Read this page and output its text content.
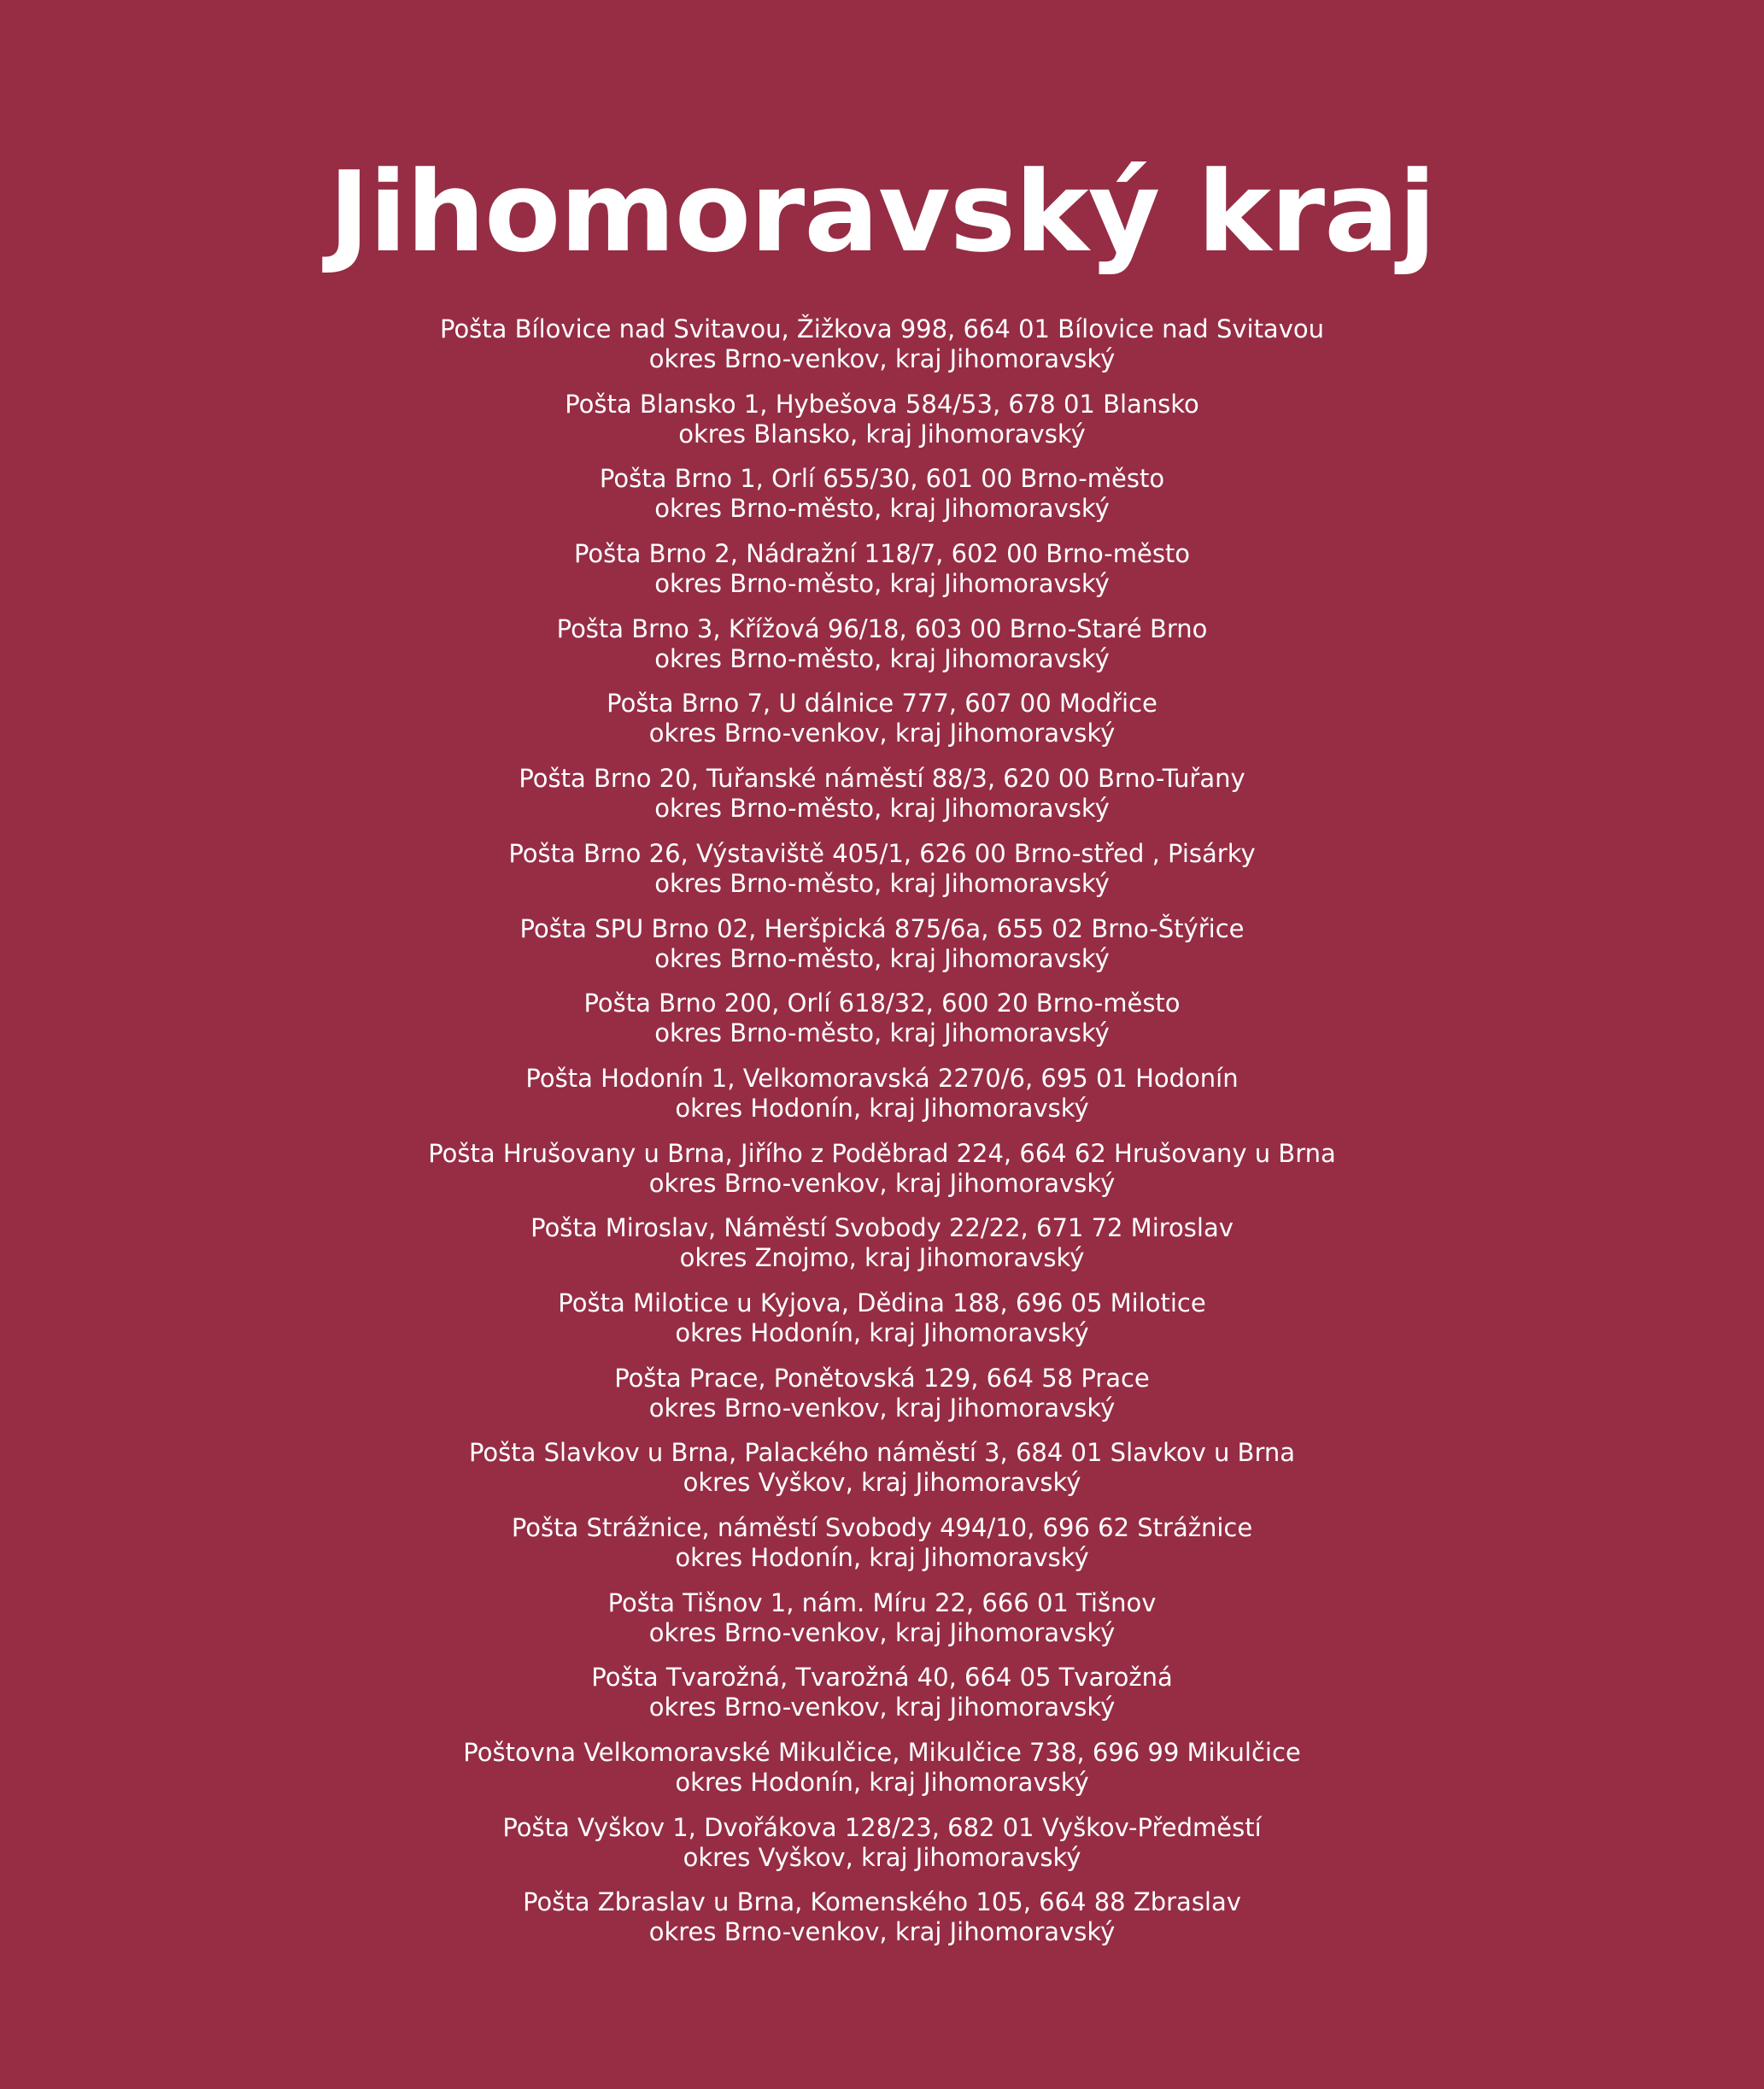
Jihomoravský kraj
Pošta Bílovice nad Svitavou, Žižkova 998, 664 01 Bílovice nad Svitavou
okres Brno-venkov, kraj Jihomoravský
Pošta Blansko 1, Hybešova 584/53, 678 01 Blansko
okres Blansko, kraj Jihomoravský
Pošta Brno 1, Orlí 655/30, 601 00 Brno-město
okres Brno-město, kraj Jihomoravský
Pošta Brno 2, Nádražní 118/7, 602 00 Brno-město
okres Brno-město, kraj Jihomoravský
Pošta Brno 3, Křížová 96/18, 603 00 Brno-Staré Brno
okres Brno-město, kraj Jihomoravský
Pošta Brno 7, U dálnice 777, 607 00 Modřice
okres Brno-venkov, kraj Jihomoravský
Pošta Brno 20, Tuřanské náměstí 88/3, 620 00 Brno-Tuřany
okres Brno-město, kraj Jihomoravský
Pošta Brno 26, Výstaviště 405/1, 626 00 Brno-střed , Pisárky
okres Brno-město, kraj Jihomoravský
Pošta SPU Brno 02, Heršpická 875/6a, 655 02 Brno-Štýřice
okres Brno-město, kraj Jihomoravský
Pošta Brno 200, Orlí 618/32, 600 20 Brno-město
okres Brno-město, kraj Jihomoravský
Pošta Hodonín 1, Velkomoravská 2270/6, 695 01 Hodonín
okres Hodonín, kraj Jihomoravský
Pošta Hrušovany u Brna, Jiřího z Poděbrad 224, 664 62 Hrušovany u Brna
okres Brno-venkov, kraj Jihomoravský
Pošta Miroslav, Náměstí Svobody 22/22, 671 72 Miroslav
okres Znojmo, kraj Jihomoravský
Pošta Milotice u Kyjova, Dědina 188, 696 05 Milotice
okres Hodonín, kraj Jihomoravský
Pošta Prace, Ponětovská 129, 664 58 Prace
okres Brno-venkov, kraj Jihomoravský
Pošta Slavkov u Brna, Palackého náměstí 3, 684 01 Slavkov u Brna
okres Vyškov, kraj Jihomoravský
Pošta Strážnice, náměstí Svobody 494/10, 696 62 Strážnice
okres Hodonín, kraj Jihomoravský
Pošta Tišnov 1, nám. Míru 22, 666 01 Tišnov
okres Brno-venkov, kraj Jihomoravský
Pošta Tvarožná, Tvarožná 40, 664 05 Tvarožná
okres Brno-venkov, kraj Jihomoravský
Poštovna Velkomoravské Mikulčice, Mikulčice 738, 696 99 Mikulčice
okres Hodonín, kraj Jihomoravský
Pošta Vyškov 1, Dvořákova 128/23, 682 01 Vyškov-Předměstí
okres Vyškov, kraj Jihomoravský
Pošta Zbraslav u Brna, Komenského 105, 664 88 Zbraslav
okres Brno-venkov, kraj Jihomoravský
